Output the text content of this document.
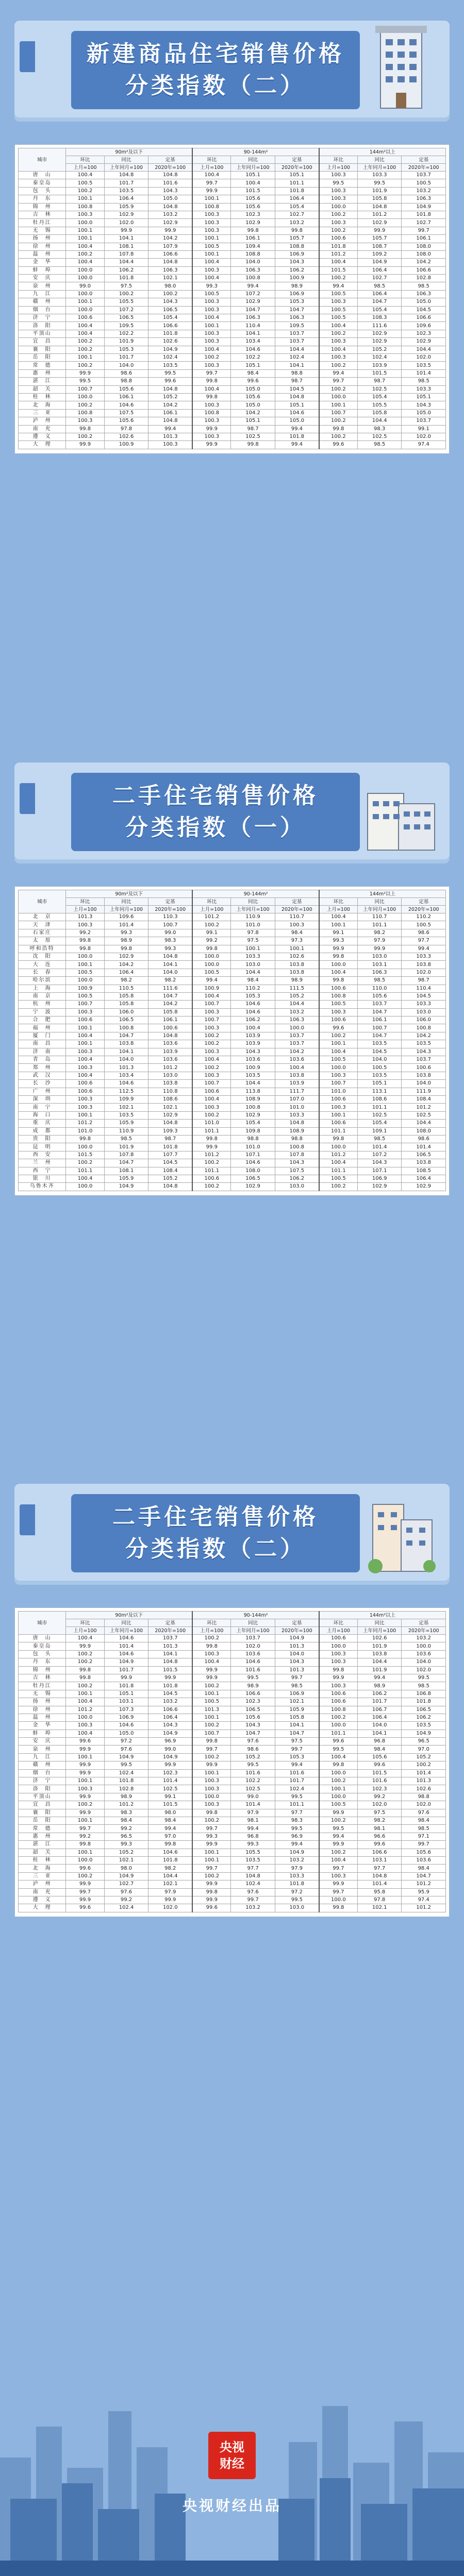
新建商品住宅销售价格
分类指数（二）
城市	90m²及以下			90-144m²			144m²以上		
	环比	同比	定基	环比	同比	定基	环比	同比	定基
	上月=100	上年同月=100	2020年=100	上月=100	上年同月=100	2020年=100	上月=100	上年同月=100	2020年=100
唐　山	100.4	104.8	104.8	100.4	105.1	105.1	100.3	103.3	103.7
秦皇岛	100.5	101.7	101.6	99.7	100.4	101.1	99.5	99.5	100.5
包　头	100.2	103.5	104.3	99.9	101.5	101.8	100.3	101.9	103.2
丹　东	100.1	106.4	105.0	100.1	105.6	106.4	100.3	105.8	106.3
锦　州	100.8	105.9	104.8	100.8	105.6	105.4	100.0	104.8	104.9
吉　林	100.3	102.9	103.2	100.3	102.3	102.7	100.2	101.2	101.8
牡丹江	100.0	102.0	102.9	100.3	102.9	103.2	100.3	102.9	102.7
无　锡	100.1	99.9	99.9	100.3	99.8	99.8	100.2	99.9	99.7
扬　州	100.1	104.1	104.2	100.1	106.1	105.7	100.6	105.7	106.1
徐　州	100.4	108.1	107.9	100.5	109.4	108.8	101.8	108.7	108.0
温　州	100.2	107.8	106.6	100.1	108.8	106.9	101.2	109.2	108.0
金　华	100.4	104.4	104.8	100.4	104.0	104.3	100.4	104.9	104.2
蚌　埠	100.0	106.2	106.3	100.3	106.3	106.2	101.5	106.4	106.6
安　庆	100.0	101.8	102.1	100.4	100.8	100.9	100.2	102.7	102.8
泉　州	99.0	97.5	98.0	99.3	99.4	98.9	99.4	98.5	98.5
九　江	100.0	100.2	100.2	100.5	107.2	106.9	100.5	106.4	106.3
赣　州	100.1	105.5	104.3	100.3	102.9	105.3	100.3	104.7	105.0
烟　台	100.0	107.2	106.5	100.3	104.7	104.7	100.5	105.4	104.5
济　宁	100.6	106.5	105.4	100.4	106.3	106.3	100.5	108.3	106.6
洛　阳	100.4	109.5	106.6	100.1	110.4	109.5	100.4	111.6	109.6
平顶山	100.4	102.2	101.8	100.3	104.1	103.7	100.2	102.9	102.3
宜　昌	100.2	101.9	102.6	100.3	103.4	103.7	100.3	102.9	102.9
襄　阳	100.2	105.3	104.9	100.4	104.6	104.4	100.4	105.2	104.4
岳　阳	100.1	101.7	102.4	100.2	102.2	102.4	100.3	102.4	102.0
常　德	100.2	104.0	103.5	100.3	105.1	104.1	100.2	103.9	103.5
惠　州	99.9	98.6	99.5	99.7	98.4	98.8	99.4	101.5	101.4
湛　江	99.5	98.8	99.6	99.8	99.6	98.7	99.7	98.7	98.5
韶　关	100.7	105.6	104.8	100.4	105.0	104.5	100.2	102.5	103.3
桂　林	100.0	106.1	105.2	99.8	105.6	104.8	100.0	105.4	105.1
北　海	100.2	104.6	104.2	100.3	105.0	105.1	100.1	105.5	104.3
三　亚	100.8	107.5	106.1	100.8	104.2	104.6	100.7	105.8	105.0
泸　州	100.3	105.6	104.8	100.3	105.1	105.0	100.2	104.4	103.7
南　充	99.8	97.8	99.4	99.9	98.7	99.4	99.8	98.3	99.1
遵　义	100.2	102.6	101.3	100.3	102.5	101.8	100.2	102.5	102.0
大　理	99.9	100.9	100.3	99.9	99.8	99.4	99.6	98.5	97.4
二手住宅销售价格
分类指数（一）
城市	90m²及以下			90-144m²			144m²以上		
	环比	同比	定基	环比	同比	定基	环比	同比	定基
	上月=100	上年同月=100	2020年=100	上月=100	上年同月=100	2020年=100	上月=100	上年同月=100	2020年=100
北　京	101.3	109.6	110.3	101.2	110.9	110.7	100.4	110.7	110.2
天　津	100.3	101.4	100.7	100.2	101.0	100.3	100.1	101.1	100.5
石家庄	99.2	99.3	99.0	99.1	97.8	98.4	99.1	98.2	98.6
太　原	99.8	98.9	98.3	99.2	97.5	97.3	99.3	97.9	97.7
呼和浩特	99.8	99.8	99.3	99.8	100.1	100.1	99.9	99.9	99.4
沈　阳	100.0	102.9	104.8	100.0	103.3	102.6	99.8	103.0	103.3
大　连	100.1	104.2	104.1	100.0	103.0	103.8	100.0	103.1	103.8
长　春	100.5	106.4	104.0	100.5	104.4	103.8	100.4	106.3	102.0
哈尔滨	100.0	98.2	98.2	99.4	98.4	98.9	99.8	98.5	98.7
上　海	100.9	110.5	111.6	100.9	110.2	111.5	100.6	110.0	110.4
南　京	100.5	105.8	104.7	100.4	105.3	105.2	100.8	105.6	104.5
杭　州	100.7	105.8	104.2	100.7	104.6	104.4	100.5	103.7	103.3
宁　波	100.3	106.0	105.8	100.3	104.6	103.2	100.3	104.7	103.0
合　肥	100.6	106.5	106.1	100.7	106.2	106.3	100.6	106.1	106.0
福　州	100.1	100.8	100.6	100.3	100.4	100.0	99.6	100.7	100.8
厦　门	100.4	104.7	104.8	100.2	103.9	103.7	100.2	104.7	104.2
南　昌	100.1	103.8	103.6	100.2	103.9	103.7	100.1	103.5	103.5
济　南	100.3	104.1	103.9	100.3	104.3	104.2	100.4	104.5	104.3
青　岛	100.4	104.0	103.6	100.4	103.6	103.6	100.5	104.0	103.7
郑　州	100.3	101.3	101.2	100.2	100.9	100.4	100.0	100.5	100.6
武　汉	100.4	103.4	103.0	100.3	103.5	103.8	100.3	103.5	103.8
长　沙	100.6	104.6	103.8	100.7	104.4	103.9	100.7	105.1	104.0
广　州	100.6	112.5	110.8	100.6	113.8	111.7	101.0	113.1	111.9
深　圳	100.3	109.9	108.6	100.4	108.9	107.0	100.6	108.6	108.4
南　宁	100.3	102.1	102.1	100.3	100.8	101.0	100.3	101.1	101.2
海　口	100.1	103.5	102.9	100.2	102.9	103.3	100.1	102.5	102.5
重　庆	101.2	105.9	104.8	101.0	105.4	104.8	100.6	105.4	104.4
成　都	101.0	110.9	109.3	101.1	109.8	108.9	101.1	109.1	108.0
贵　阳	99.8	98.5	98.7	99.8	98.8	98.8	99.8	98.5	98.6
昆　明	100.0	101.9	101.8	99.9	101.0	100.8	100.0	101.4	101.4
西　安	101.5	107.8	107.7	101.2	107.1	107.8	101.2	107.2	106.5
兰　州	100.2	104.7	104.5	100.2	104.6	104.3	100.4	104.3	103.8
西　宁	101.1	108.1	108.4	101.1	108.0	107.5	101.1	107.1	108.5
银　川	100.4	105.9	105.2	100.6	106.5	106.2	100.5	106.9	106.4
乌鲁木齐	100.0	104.9	104.8	100.2	102.9	103.0	100.2	102.9	102.9
二手住宅销售价格
分类指数（二）
城市	90m²及以下			90-144m²			144m²以上		
	环比	同比	定基	环比	同比	定基	环比	同比	定基
	上月=100	上年同月=100	2020年=100	上月=100	上年同月=100	2020年=100	上月=100	上年同月=100	2020年=100
唐　山	100.4	104.6	103.7	100.2	103.7	104.9	100.6	102.6	103.2
秦皇岛	99.9	101.4	101.3	99.8	102.0	101.3	100.0	101.9	100.0
包　头	100.2	104.6	104.1	100.3	103.6	104.0	100.3	103.8	103.6
丹　东	100.2	104.9	104.8	100.4	104.6	104.3	100.3	104.4	104.0
锦　州	99.8	101.7	101.5	99.9	101.6	101.3	99.8	101.9	102.0
吉　林	99.8	99.9	99.9	99.9	99.5	99.7	99.9	99.4	99.5
牡丹江	100.2	101.8	101.8	100.2	98.9	98.5	100.3	98.9	98.5
无　锡	100.1	105.1	104.5	100.1	106.6	106.9	100.6	106.2	106.8
扬　州	100.4	103.1	103.2	100.5	102.3	102.1	100.6	101.7	101.8
徐　州	101.2	107.3	106.6	101.3	106.5	105.9	100.8	106.7	106.5
温　州	100.0	106.9	106.4	100.1	105.6	105.8	100.2	106.4	106.2
金　华	100.3	104.6	104.3	100.2	104.3	104.1	100.0	104.0	103.5
蚌　埠	100.4	105.0	104.9	100.7	104.7	104.7	101.1	104.1	104.9
安　庆	99.6	97.2	96.9	99.8	97.6	97.5	99.6	96.8	96.5
泉　州	99.9	97.6	99.0	99.7	98.6	99.7	99.5	98.4	97.0
九　江	100.1	104.9	104.9	100.2	105.2	105.3	100.4	105.6	105.2
赣　州	99.9	99.5	99.9	99.9	99.5	99.4	99.8	99.6	100.2
烟　台	99.9	102.4	102.3	100.1	101.6	101.6	100.0	101.5	101.4
济　宁	100.1	101.8	101.4	100.3	102.2	101.7	100.2	101.6	101.3
洛　阳	100.3	102.8	102.5	100.3	102.5	102.4	100.1	102.3	102.6
平顶山	99.9	98.9	99.1	100.0	99.0	99.5	100.0	99.2	98.8
宜　昌	100.2	101.2	101.5	100.3	101.4	101.1	100.5	102.0	102.0
襄　阳	99.9	98.3	98.0	99.8	97.9	97.7	99.9	97.5	97.6
岳　阳	100.1	98.4	98.4	100.2	98.1	98.3	100.2	98.2	98.4
常　德	99.7	99.2	99.4	99.7	99.4	99.5	99.5	98.1	98.5
惠　州	99.2	96.5	97.0	99.3	96.8	96.9	99.4	96.6	97.1
湛　江	99.8	99.3	99.8	99.9	99.3	99.4	99.9	99.6	99.7
韶　关	100.1	105.2	104.6	100.1	105.5	104.9	100.2	106.6	105.6
桂　林	100.0	102.1	101.8	100.1	103.5	103.2	100.4	103.1	103.6
北　海	99.6	98.0	98.2	99.7	97.7	97.9	99.7	97.7	98.4
三　亚	100.2	104.9	104.4	100.2	104.8	103.3	100.3	104.8	104.7
泸　州	99.9	102.7	102.1	99.9	102.4	101.8	99.9	101.4	101.2
南　充	99.7	97.6	97.9	99.8	97.6	97.2	99.7	95.8	95.9
遵　义	99.9	99.2	99.9	99.9	99.7	99.5	100.0	97.8	97.4
大　理	99.6	102.4	102.0	99.6	103.2	103.0	99.8	102.1	101.2
央视
财经
央视财经出品
